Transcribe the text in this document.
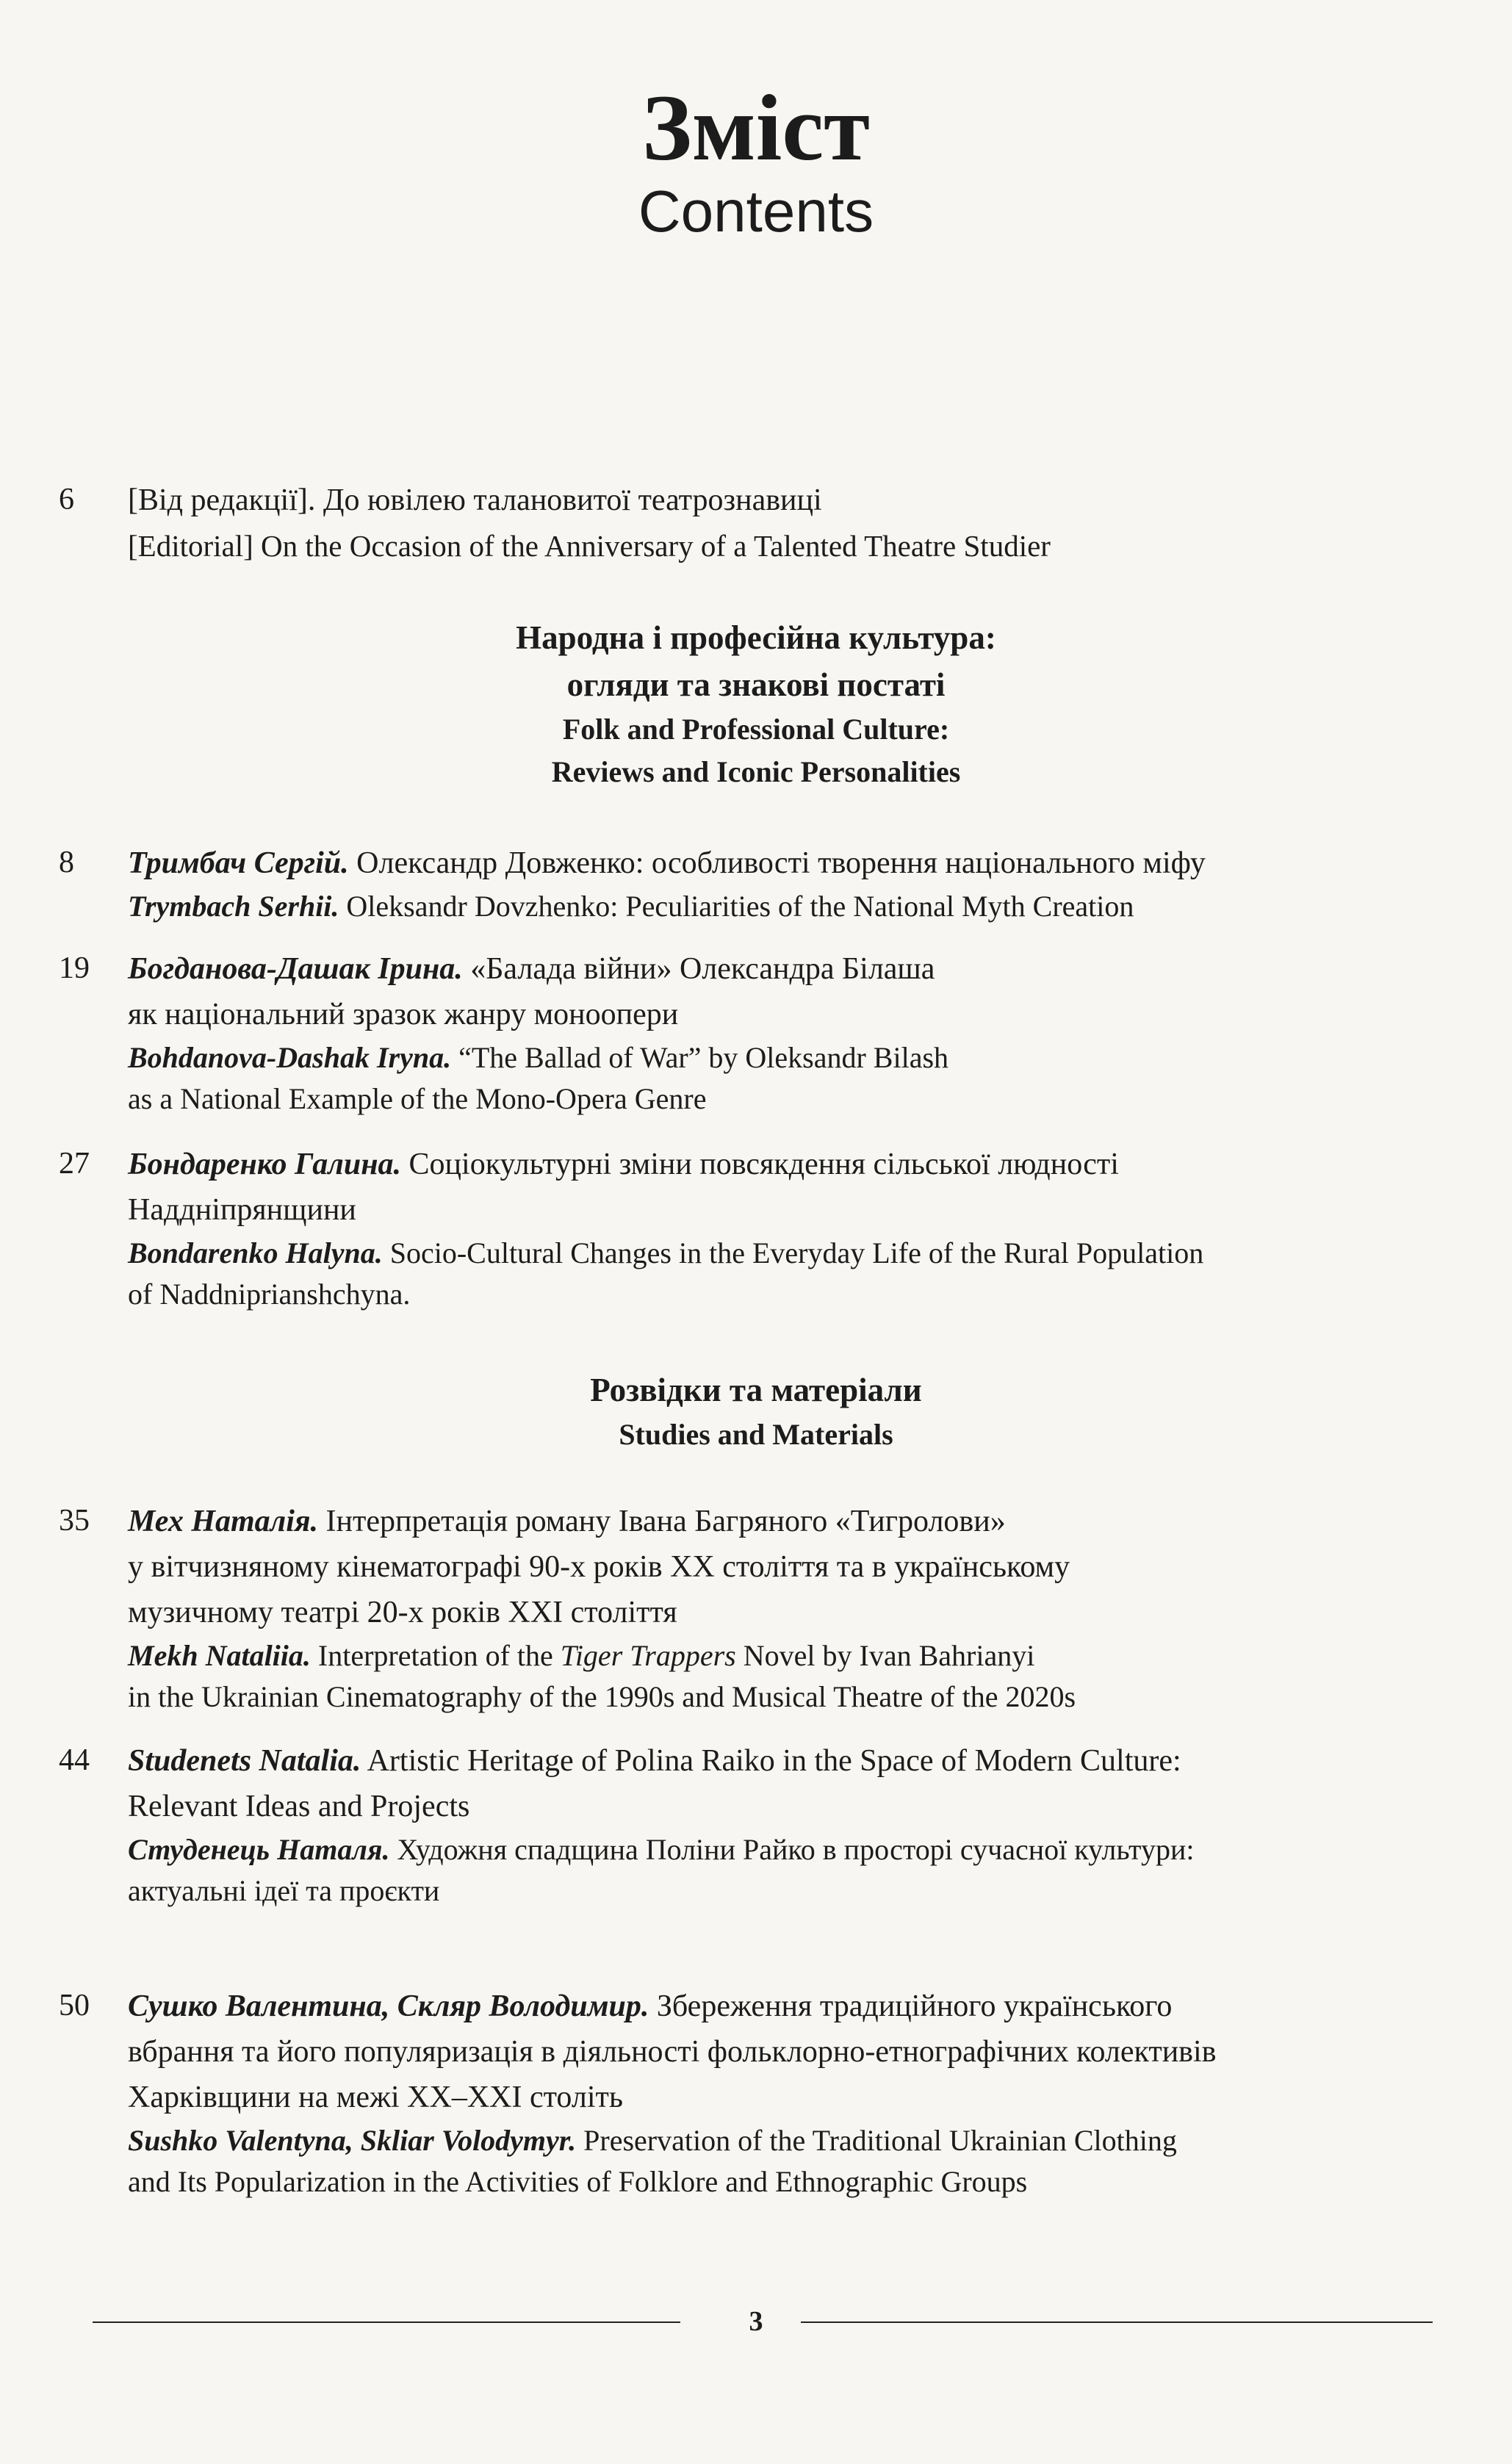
Зміст
Contents
6	[Від редакції]. До ювілею талановитої театрознавиці
[Editorial] On the Occasion of the Anniversary of a Talented Theatre Studier
Народна і професійна культура:
огляди та знакові постаті
Folk and Professional Culture:
Reviews and Iconic Personalities
8	Тримбач Сергій. Олександр Довженко: особливості творення національного міфу
Trymbach Serhii. Oleksandr Dovzhenko: Peculiarities of the National Myth Creation
19	Богданова-Дашак Ірина. «Балада війни» Олександра Білаша
як національний зразок жанру монoопери
Bohdanova-Dashak Iryna. “The Ballad of War” by Oleksandr Bilash
as a National Example of the Mono-Opera Genre
27	Бондаренко Галина. Соціокультурні зміни повсякдення сільської людності
Наддніпрянщини
Bondarenko Halyna. Socio-Cultural Changes in the Everyday Life of the Rural Population
of Naddniprianshchyna.
Розвідки та матеріали
Studies and Materials
35	Мех Наталія. Інтерпретація роману Івана Багряного «Тигролови»
у вітчизняному кінематографі 90-х років ХХ століття та в українському
музичному театрі 20-х років ХХІ століття
Mekh Nataliia. Interpretation of the Tiger Trappers Novel by Ivan Bahrianyi
in the Ukrainian Cinematography of the 1990s and Musical Theatre of the 2020s
44	Studenets Natalia. Artistic Heritage of Polina Raiko in the Space of Modern Culture:
Relevant Ideas and Projects
Студенець Наталя. Художня спадщина Поліни Райко в просторі сучасної культури:
актуальні ідеї та проєкти
50	Сушко Валентина, Скляр Володимир. Збереження традиційного українського
вбрання та його популяризація в діяльності фольклорно-етнографічних колективів
Харківщини на межі ХХ–ХХІ століть
Sushko Valentyna, Skliar Volodymyr. Preservation of the Traditional Ukrainian Clothing
and Its Popularization in the Activities of Folklore and Ethnographic Groups
3
